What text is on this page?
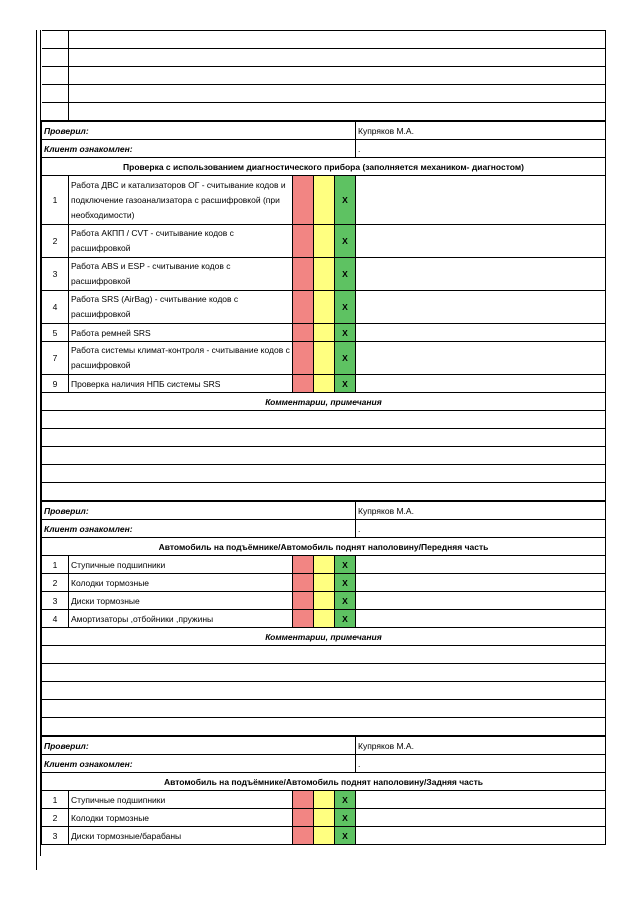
Проверил:					Купряков М.А.
Клиент ознакомлен:					.
Проверка с использованием диагностического прибора (заполняется механиком- диагностом)					
1	Работа ДВС и катализаторов ОГ - считывание кодов и подключение газоанализатора с расшифровкой (при необходимости)			X	
2	Работа АКПП / CVT - считывание кодов с расшифровкой			X	
3	Работа ABS и ESP - считывание кодов с расшифровкой			X	
4	Работа SRS (AirBag) - считывание кодов с расшифровкой			X	
5	Работа ремней SRS			X	
7	Работа системы климат-контроля - считывание кодов с расшифровкой			X	
9	Проверка наличия НПБ системы SRS			X	
Комментарии, примечания					

Проверил:					Купряков М.А.
Клиент ознакомлен:					.
Автомобиль на подъёмнике/Автомобиль поднят наполовину/Передняя часть					
1	Ступичные подшипники			X	
2	Колодки тормозные			X	
3	Диски тормозные			X	
4	Амортизаторы ,отбойники ,пружины			X	
Комментарии, примечания					

Проверил:					Купряков М.А.
Клиент ознакомлен:					.
Автомобиль на подъёмнике/Автомобиль поднят наполовину/Задняя часть					
1	Ступичные подшипники			X	
2	Колодки тормозные			X	
3	Диски тормозные/барабаны			X	
